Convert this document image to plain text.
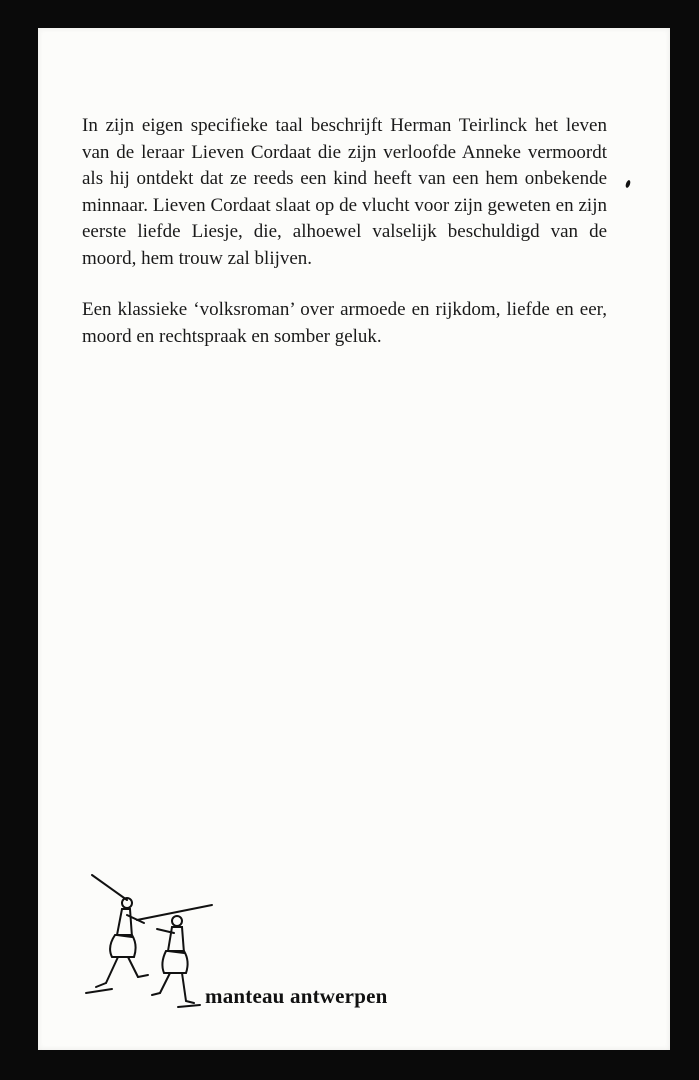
In zijn eigen specifieke taal beschrijft Herman Teirlinck het leven van de leraar Lieven Cordaat die zijn verloofde Anneke vermoordt als hij ontdekt dat ze reeds een kind heeft van een hem onbekende minnaar. Lieven Cordaat slaat op de vlucht voor zijn geweten en zijn eerste liefde Liesje, die, alhoewel valselijk beschuldigd van de moord, hem trouw zal blijven.

Een klassieke ‘volksroman’ over armoede en rijkdom, liefde en eer, moord en rechtspraak en somber geluk.

manteau antwerpen
